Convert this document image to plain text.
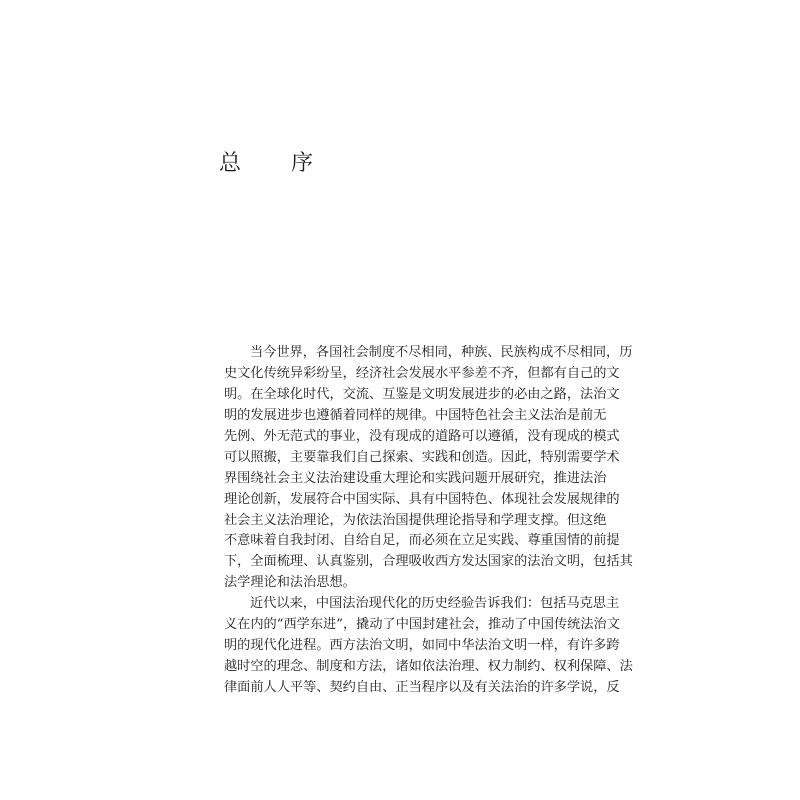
总　序
当今世界，各国社会制度不尽相同，种族、民族构成不尽相同，历
史文化传统异彩纷呈，经济社会发展水平参差不齐，但都有自己的文
明。在全球化时代，交流、互鉴是文明发展进步的必由之路，法治文
明的发展进步也遵循着同样的规律。中国特色社会主义法治是前无
先例、外无范式的事业，没有现成的道路可以遵循，没有现成的模式
可以照搬，主要靠我们自己探索、实践和创造。因此，特别需要学术
界围绕社会主义法治建设重大理论和实践问题开展研究，推进法治
理论创新，发展符合中国实际、具有中国特色、体现社会发展规律的
社会主义法治理论，为依法治国提供理论指导和学理支撑。但这绝
不意味着自我封闭、自给自足，而必须在立足实践、尊重国情的前提
下，全面梳理、认真鉴别，合理吸收西方发达国家的法治文明，包括其
法学理论和法治思想。
近代以来，中国法治现代化的历史经验告诉我们：包括马克思主
义在内的“西学东进”，撬动了中国封建社会，推动了中国传统法治文
明的现代化进程。西方法治文明，如同中华法治文明一样，有许多跨
越时空的理念、制度和方法，诸如依法治理、权力制约、权利保障、法
律面前人人平等、契约自由、正当程序以及有关法治的许多学说，反
